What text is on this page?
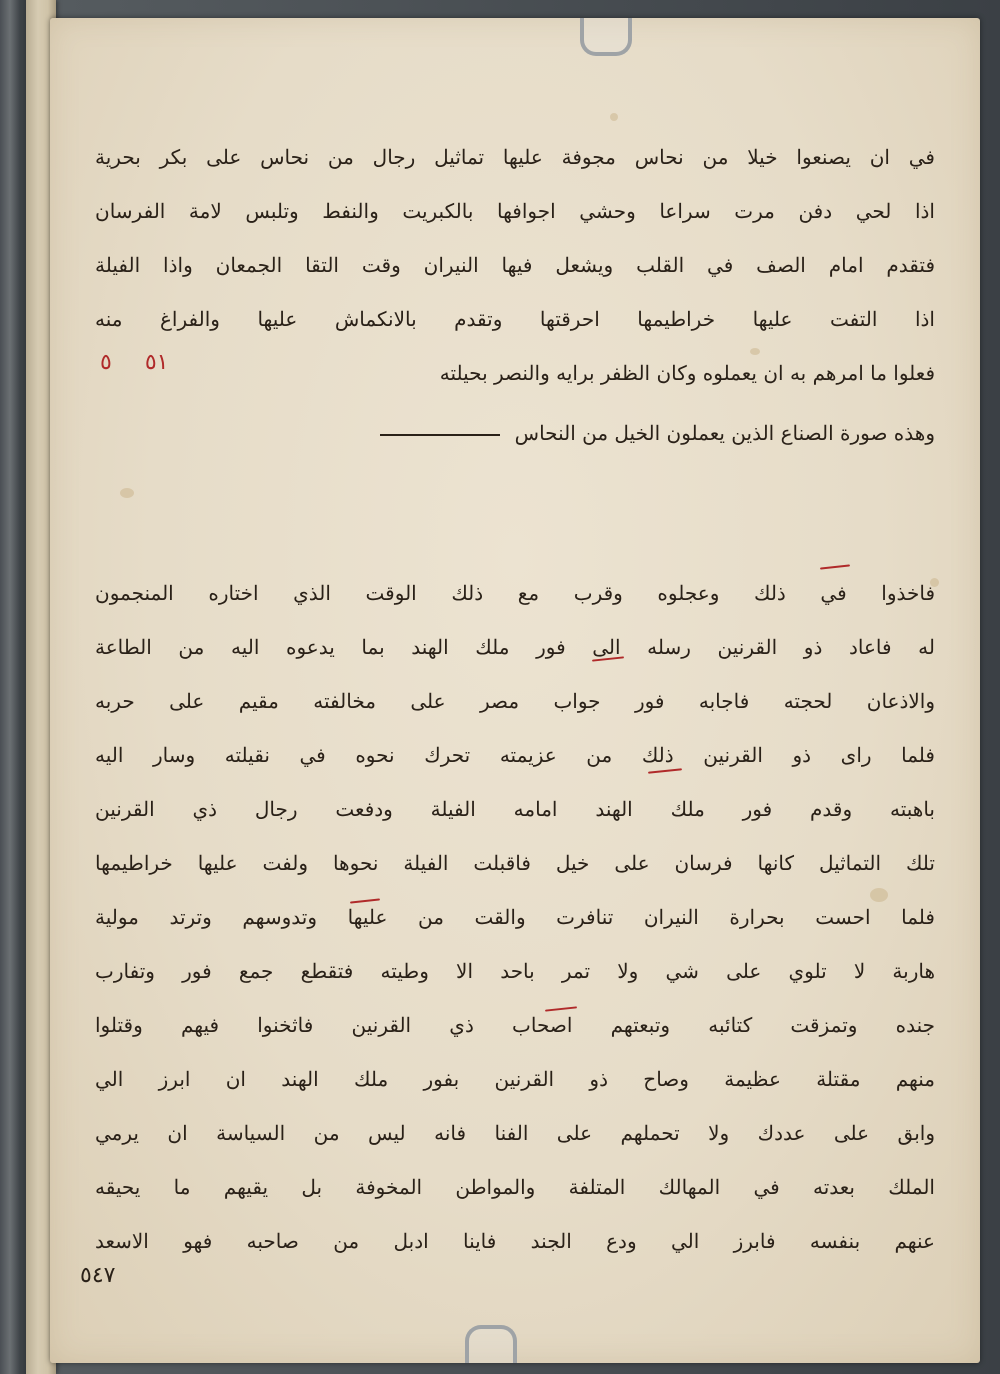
في ان يصنعوا خيلا من نحاس مجوفة عليها تماثيل رجال من نحاس على بكر بحرية
اذا لحي دفن مرت سراعا وحشي اجوافها بالكبريت والنفط وتلبس لامة الفرسان
فتقدم امام الصف في القلب ويشعل فيها النيران وقت التقا الجمعان واذا الفيلة
اذا التفت عليها خراطيمها احرقتها وتقدم بالانكماش عليها والفراغ منه
فعلوا ما امرهم به ان يعملوه وكان الظفر برايه والنصر بحيلته
٥١ ٥
وهذه صورة الصناع الذين يعملون الخيل من النحاس
فاخذوا في ذلك وعجلوه وقرب مع ذلك الوقت الذي اختاره المنجمون
له فاعاد ذو القرنين رسله الى فور ملك الهند بما يدعوه اليه من الطاعة
والاذعان لحجته فاجابه فور جواب مصر على مخالفته مقيم على حربه
فلما راى ذو القرنين ذلك من عزيمته تحرك نحوه في نقيلته وسار اليه
باهبته وقدم فور ملك الهند امامه الفيلة ودفعت رجال ذي القرنين
تلك التماثيل كانها فرسان على خيل فاقبلت الفيلة نحوها ولفت عليها خراطيمها
فلما احست بحرارة النيران تنافرت والقت من عليها وتدوسهم وترتد مولية
هاربة لا تلوي على شي ولا تمر باحد الا وطيته فتقطع جمع فور وتفارب
جنده وتمزقت كتائبه وتبعتهم اصحاب ذي القرنين فاثخنوا فيهم وقتلوا
منهم مقتلة عظيمة وصاح ذو القرنين بفور ملك الهند ان ابرز الي
وابق على عددك ولا تحملهم على الفنا فانه ليس من السياسة ان يرمي
الملك بعدته في المهالك المتلفة والمواطن المخوفة بل يقيهم ما يحيقه
عنهم بنفسه فابرز الي ودع الجند فاينا ادبل من صاحبه فهو الاسعد
٥٤٧
